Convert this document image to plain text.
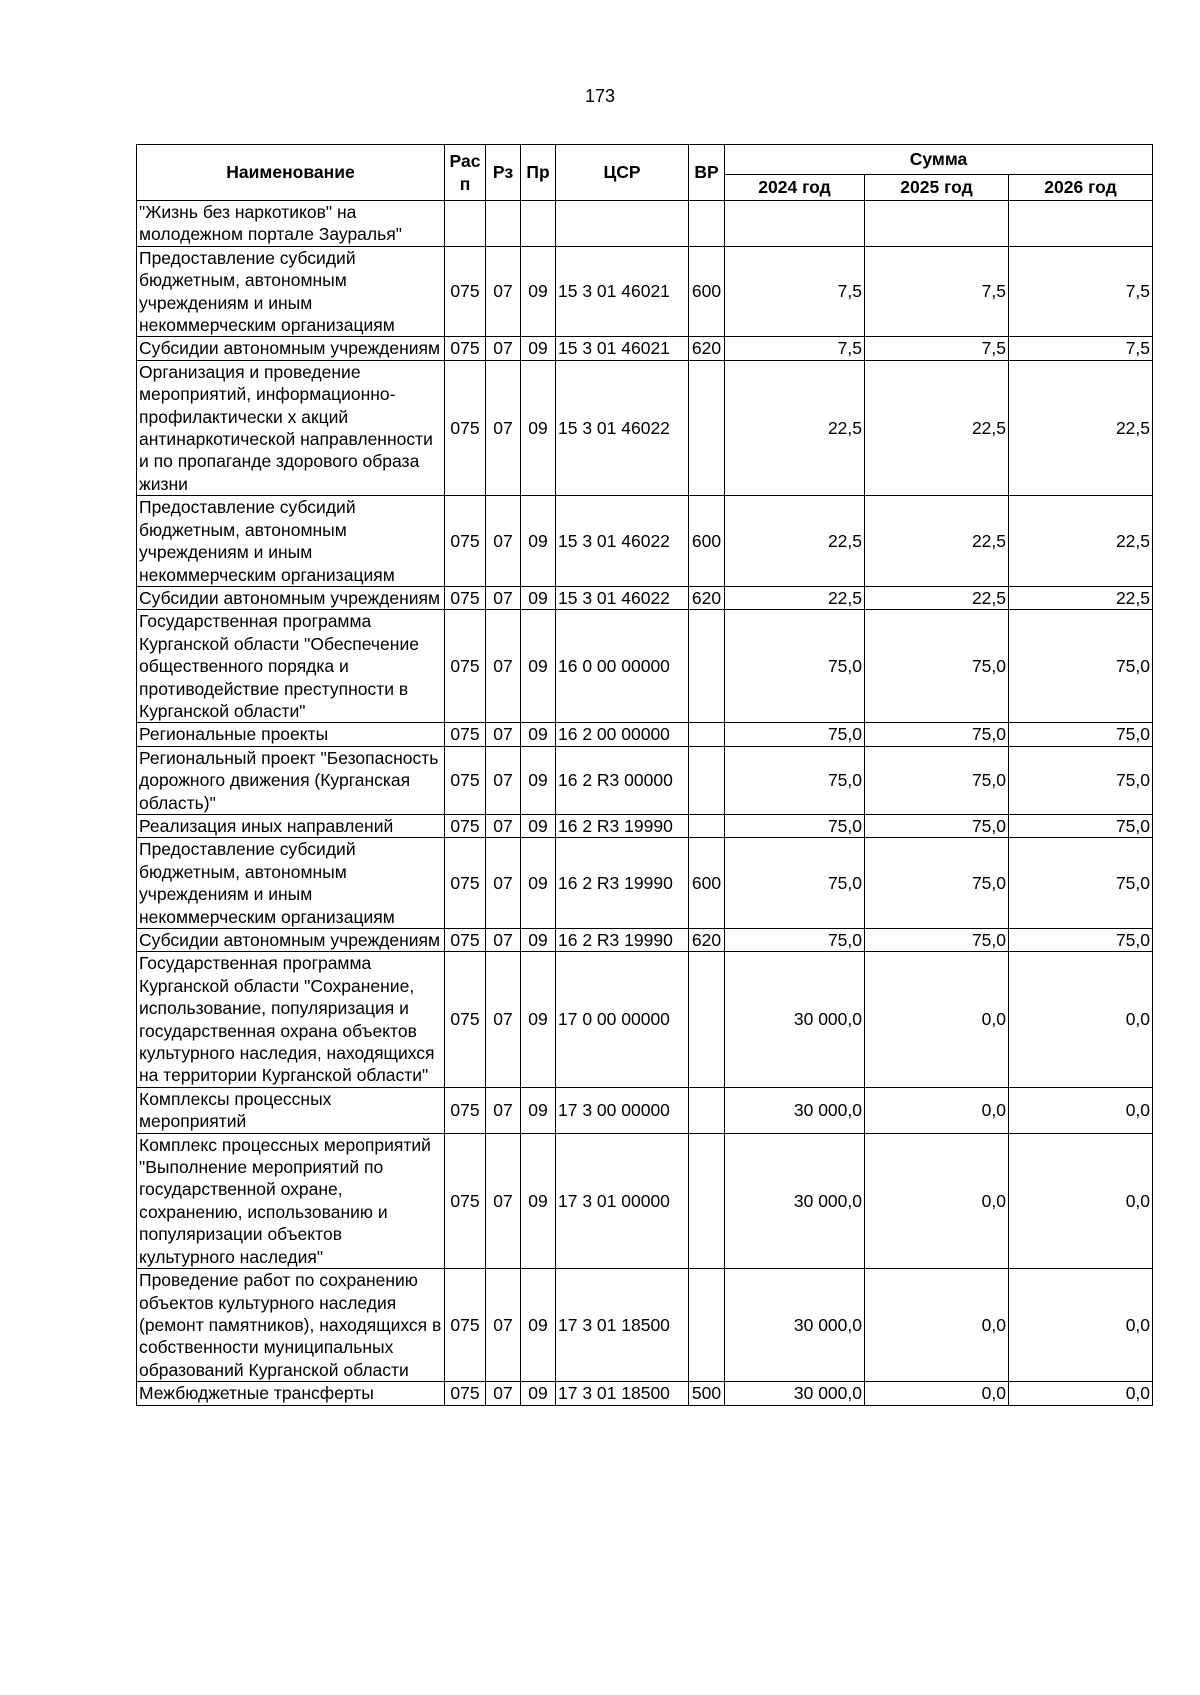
173
Наименование	Рас п	Рз	Пр	ЦСР	ВР	Сумма		
						2024 год	2025 год	2026 год
"Жизнь без наркотиков" на молодежном портале Зауралья"								
Предоставление субсидий бюджетным, автономным учреждениям и иным некоммерческим организациям	075	07	09	15 3 01 46021	600	7,5	7,5	7,5
Субсидии автономным учреждениям	075	07	09	15 3 01 46021	620	7,5	7,5	7,5
Организация и проведение мероприятий, информационно-профилактически х акций антинаркотической направленности и по пропаганде здорового образа жизни	075	07	09	15 3 01 46022		22,5	22,5	22,5
Предоставление субсидий бюджетным, автономным учреждениям и иным некоммерческим организациям	075	07	09	15 3 01 46022	600	22,5	22,5	22,5
Субсидии автономным учреждениям	075	07	09	15 3 01 46022	620	22,5	22,5	22,5
Государственная программа Курганской области "Обеспечение общественного порядка и противодействие преступности в Курганской области"	075	07	09	16 0 00 00000		75,0	75,0	75,0
Региональные проекты	075	07	09	16 2 00 00000		75,0	75,0	75,0
Региональный проект "Безопасность дорожного движения (Курганская область)"	075	07	09	16 2 R3 00000		75,0	75,0	75,0
Реализация иных направлений	075	07	09	16 2 R3 19990		75,0	75,0	75,0
Предоставление субсидий бюджетным, автономным учреждениям и иным некоммерческим организациям	075	07	09	16 2 R3 19990	600	75,0	75,0	75,0
Субсидии автономным учреждениям	075	07	09	16 2 R3 19990	620	75,0	75,0	75,0
Государственная программа Курганской области "Сохранение, использование, популяризация и государственная охрана объектов культурного наследия, находящихся на территории Курганской области"	075	07	09	17 0 00 00000		30 000,0	0,0	0,0
Комплексы процессных мероприятий	075	07	09	17 3 00 00000		30 000,0	0,0	0,0
Комплекс процессных мероприятий "Выполнение мероприятий по государственной охране, сохранению, использованию и популяризации объектов культурного наследия"	075	07	09	17 3 01 00000		30 000,0	0,0	0,0
Проведение работ по сохранению объектов культурного наследия (ремонт памятников), находящихся в собственности муниципальных образований Курганской области	075	07	09	17 3 01 18500		30 000,0	0,0	0,0
Межбюджетные трансферты	075	07	09	17 3 01 18500	500	30 000,0	0,0	0,0
